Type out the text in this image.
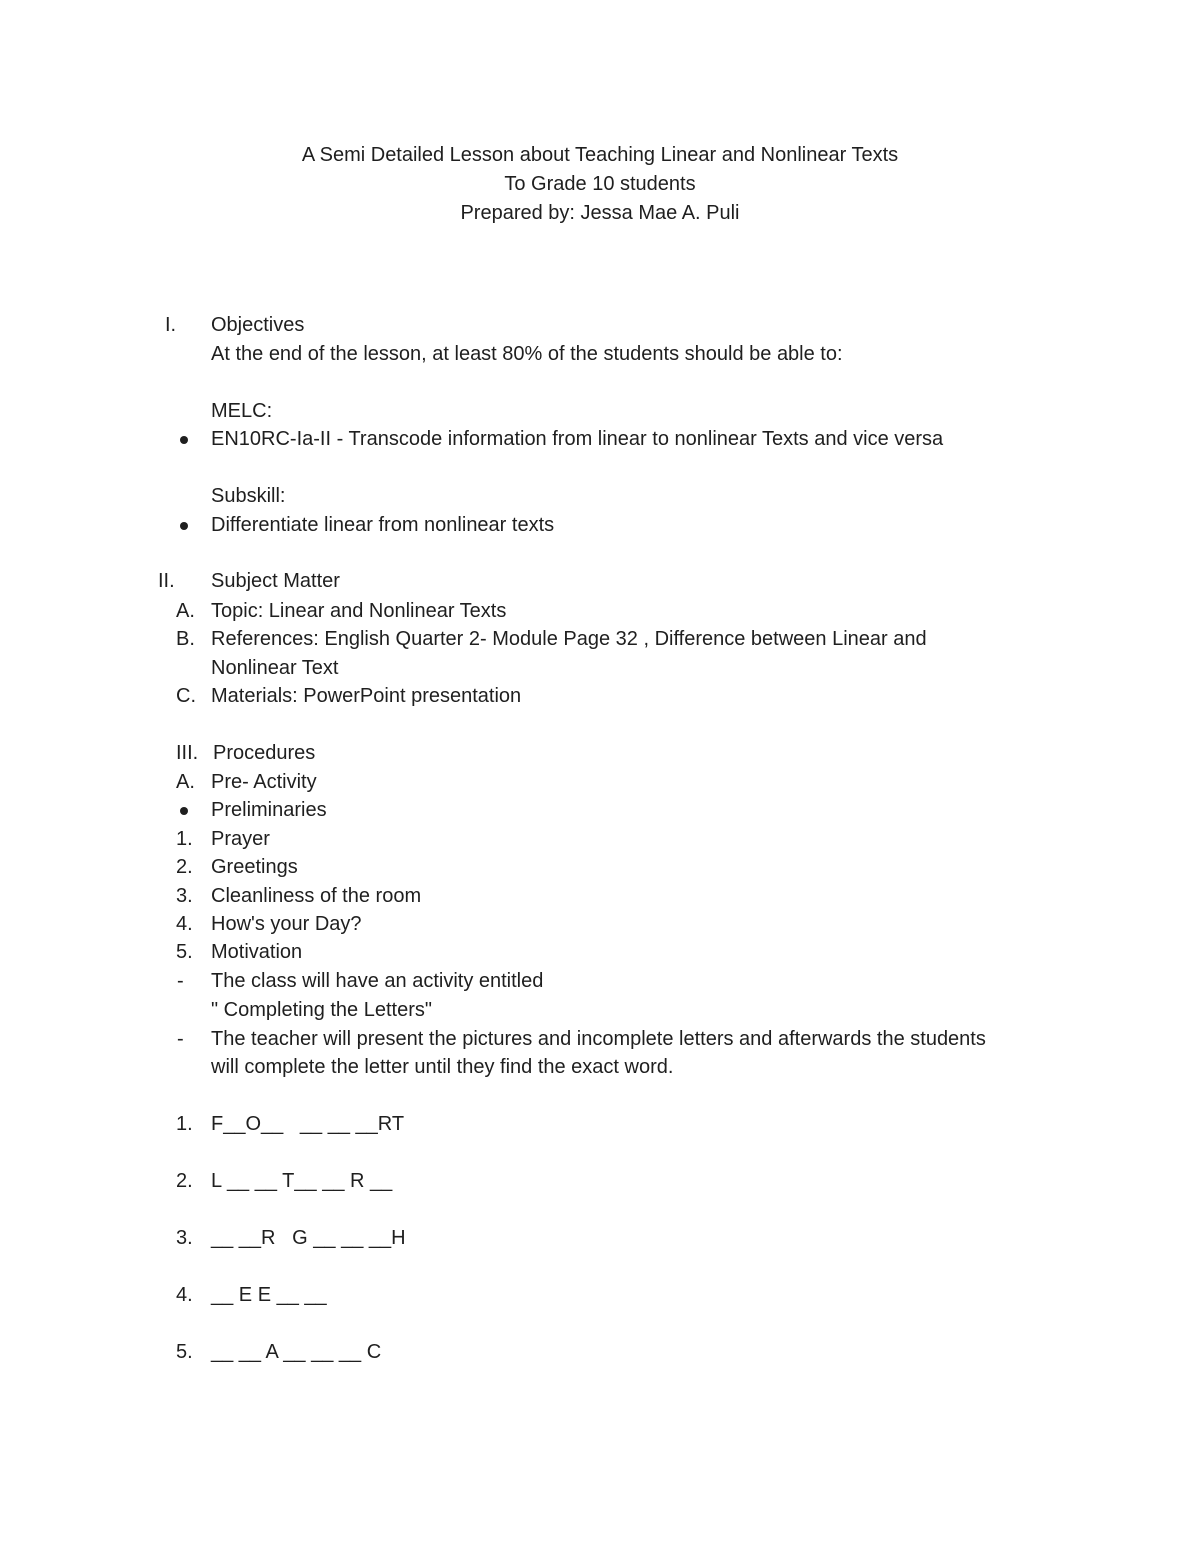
A Semi Detailed Lesson about Teaching Linear and Nonlinear Texts
To Grade 10 students
Prepared by: Jessa Mae A. Puli
I. Objectives
At the end of the lesson, at least 80% of the students should be able to:
MELC:
EN10RC-Ia-II - Transcode information from linear to nonlinear Texts and vice versa
Subskill:
Differentiate linear from nonlinear texts
II. Subject Matter
A. Topic: Linear and Nonlinear Texts
B. References: English Quarter 2- Module Page 32 , Difference between Linear and
Nonlinear Text
C. Materials: PowerPoint presentation
III. Procedures
A. Pre- Activity
Preliminaries
1. Prayer
2. Greetings
3. Cleanliness of the room
4. How's your Day?
5. Motivation
- The class will have an activity entitled
" Completing the Letters"
- The teacher will present the pictures and incomplete letters and afterwards the students
will complete the letter until they find the exact word.
1. F__O__   __ __ __RT
2. L __ __ T__ __ R __
3. __ __R   G __ __ __H
4. __ E E __ __
5. __ __ A __ __ __ C
